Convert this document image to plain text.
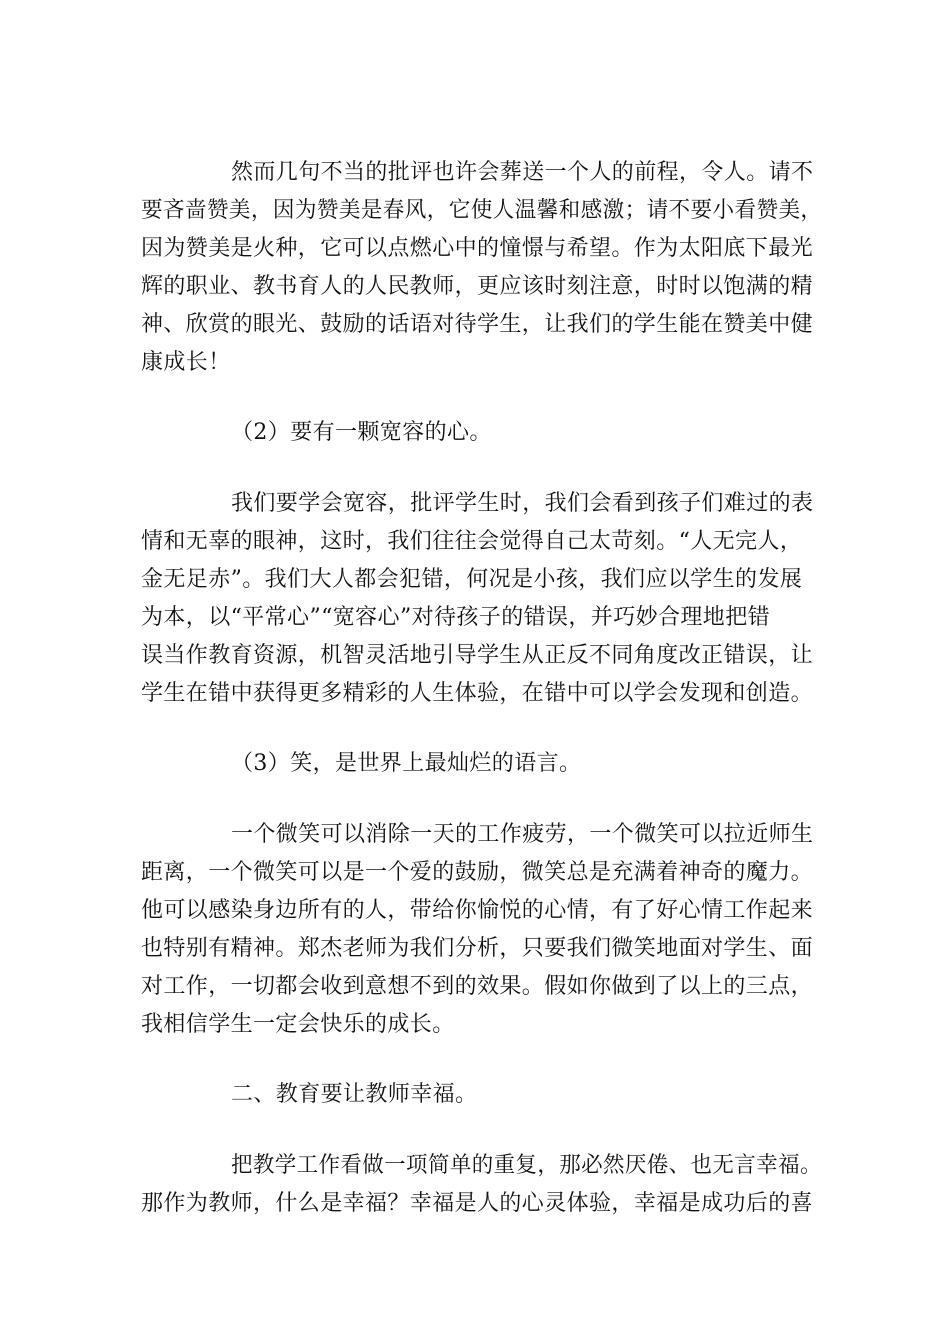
然而几句不当的批评也许会葬送一个人的前程，令人。请不
要吝啬赞美，因为赞美是春风，它使人温馨和感激；请不要小看赞美，
因为赞美是火种，它可以点燃心中的憧憬与希望。作为太阳底下最光
辉的职业、教书育人的人民教师，更应该时刻注意，时时以饱满的精
神、欣赏的眼光、鼓励的话语对待学生，让我们的学生能在赞美中健
康成长！
（2）要有一颗宽容的心。
我们要学会宽容，批评学生时，我们会看到孩子们难过的表
情和无辜的眼神，这时，我们往往会觉得自己太苛刻。“人无完人，
金无足赤”。我们大人都会犯错，何况是小孩，我们应以学生的发展
为本，以“平常心”“宽容心”对待孩子的错误，并巧妙合理地把错
误当作教育资源，机智灵活地引导学生从正反不同角度改正错误，让
学生在错中获得更多精彩的人生体验，在错中可以学会发现和创造。
（3）笑，是世界上最灿烂的语言。
一个微笑可以消除一天的工作疲劳，一个微笑可以拉近师生
距离，一个微笑可以是一个爱的鼓励，微笑总是充满着神奇的魔力。
他可以感染身边所有的人，带给你愉悦的心情，有了好心情工作起来
也特别有精神。郑杰老师为我们分析，只要我们微笑地面对学生、面
对工作，一切都会收到意想不到的效果。假如你做到了以上的三点，
我相信学生一定会快乐的成长。
二、教育要让教师幸福。
把教学工作看做一项简单的重复，那必然厌倦、也无言幸福。
那作为教师，什么是幸福？幸福是人的心灵体验，幸福是成功后的喜
